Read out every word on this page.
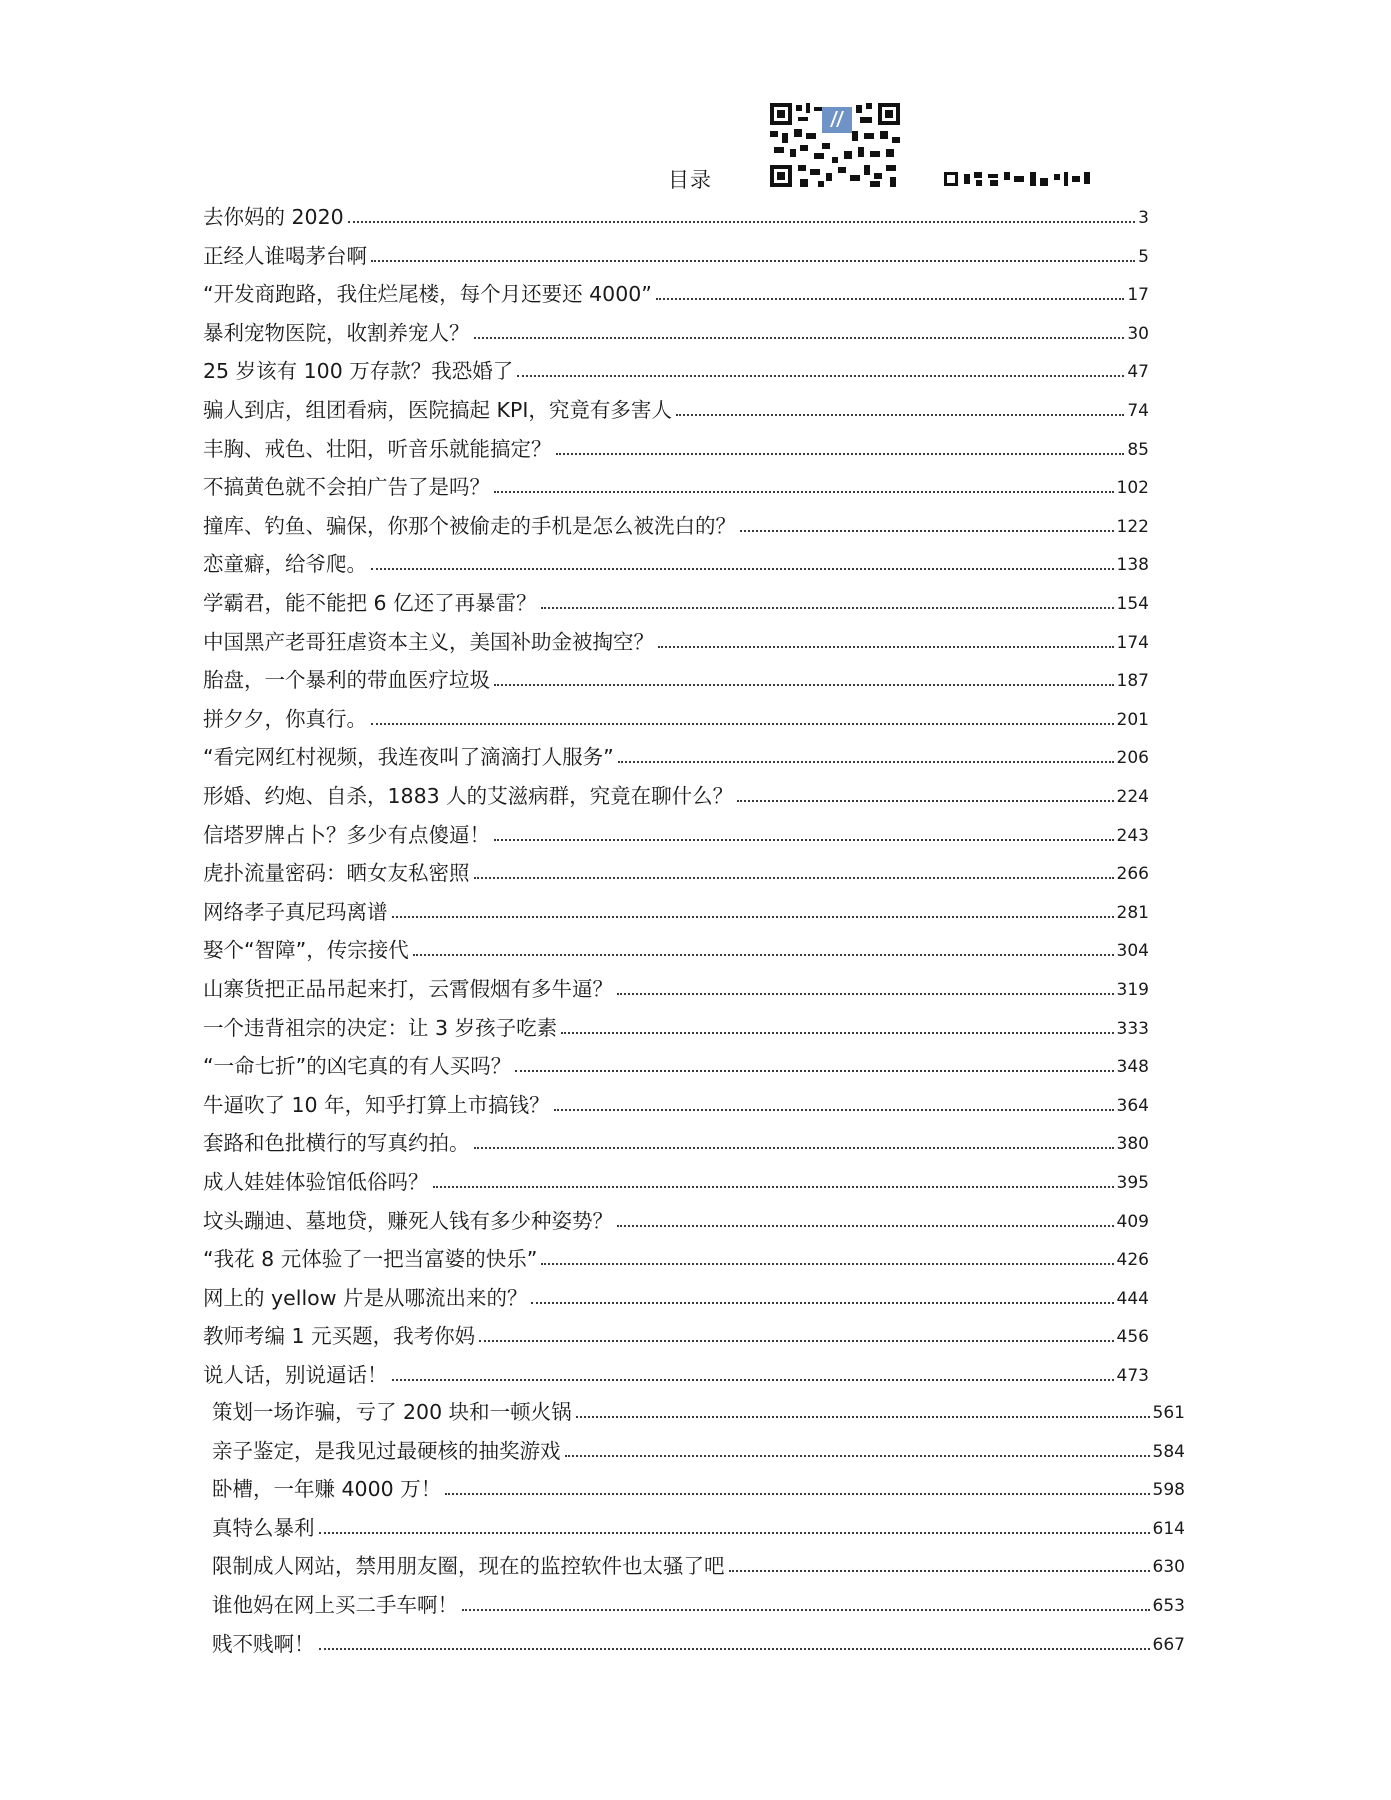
目录
去你妈的 2020	3
正经人谁喝茅台啊	5
“开发商跑路，我住烂尾楼，每个月还要还 4000”	17
暴利宠物医院，收割养宠人？	30
25 岁该有 100 万存款？我恐婚了	47
骗人到店，组团看病，医院搞起 KPI，究竟有多害人	74
丰胸、戒色、壮阳，听音乐就能搞定？	85
不搞黄色就不会拍广告了是吗？	102
撞库、钓鱼、骗保，你那个被偷走的手机是怎么被洗白的？	122
恋童癖，给爷爬。	138
学霸君，能不能把 6 亿还了再暴雷？	154
中国黑产老哥狂虐资本主义，美国补助金被掏空？	174
胎盘，一个暴利的带血医疗垃圾	187
拼夕夕，你真行。	201
“看完网红村视频，我连夜叫了滴滴打人服务”	206
形婚、约炮、自杀，1883 人的艾滋病群，究竟在聊什么？	224
信塔罗牌占卜？多少有点傻逼！	243
虎扑流量密码：晒女友私密照	266
网络孝子真尼玛离谱	281
娶个“智障”，传宗接代	304
山寨货把正品吊起来打，云霄假烟有多牛逼？	319
一个违背祖宗的决定：让 3 岁孩子吃素	333
“一命七折”的凶宅真的有人买吗？	348
牛逼吹了 10 年，知乎打算上市搞钱？	364
套路和色批横行的写真约拍。	380
成人娃娃体验馆低俗吗？	395
坟头蹦迪、墓地贷，赚死人钱有多少种姿势？	409
“我花 8 元体验了一把当富婆的快乐”	426
网上的 yellow 片是从哪流出来的？	444
教师考编 1 元买题，我考你妈	456
说人话，别说逼话！	473
策划一场诈骗，亏了 200 块和一顿火锅	561
亲子鉴定，是我见过最硬核的抽奖游戏	584
卧槽，一年赚 4000 万！	598
真特么暴利	614
限制成人网站，禁用朋友圈，现在的监控软件也太骚了吧	630
谁他妈在网上买二手车啊！	653
贱不贱啊！	667
